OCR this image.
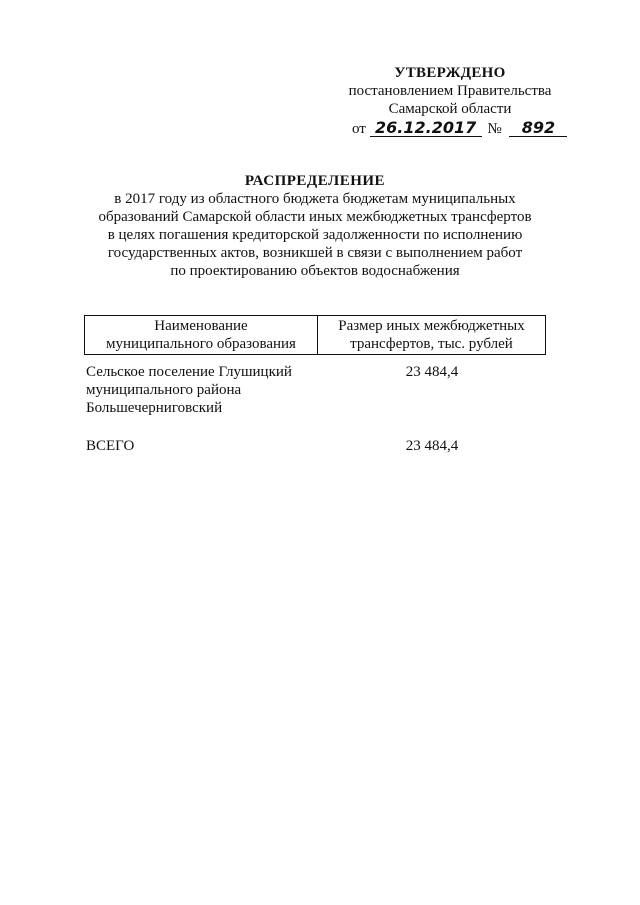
УТВЕРЖДЕНО
постановлением Правительства
Самарской области
от 26.12.2017 № 892
РАСПРЕДЕЛЕНИЕ
в 2017 году из областного бюджета бюджетам муниципальных
образований Самарской области иных межбюджетных трансфертов
в целях погашения кредиторской задолженности по исполнению
государственных актов, возникшей в связи с выполнением работ
по проектированию объектов водоснабжения
Наименование
муниципального образования
Размер иных межбюджетных
трансфертов, тыс. рублей
Сельское поселение Глушицкий
муниципального района
Большечерниговский
23 484,4
ВСЕГО	23 484,4
